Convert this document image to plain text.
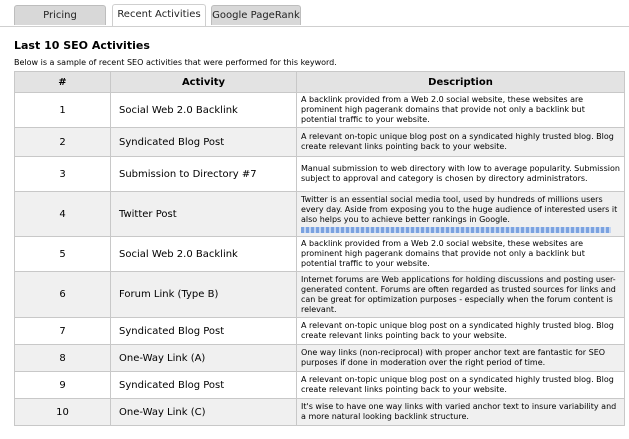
Pricing	Recent Activities	Google PageRank
Last 10 SEO Activities
Below is a sample of recent SEO activities that were performed for this keyword.
#	Activity	Description
1	Social Web 2.0 Backlink	A backlink provided from a Web 2.0 social website, these websites are prominent high pagerank domains that provide not only a backlink but potential traffic to your website.
2	Syndicated Blog Post	A relevant on-topic unique blog post on a syndicated highly trusted blog. Blog create relevant links pointing back to your website.
3	Submission to Directory #7	Manual submission to web directory with low to average popularity. Submission subject to approval and category is chosen by directory administrators.
4	Twitter Post	Twitter is an essential social media tool, used by hundreds of millions users every day. Aside from exposing you to the huge audience of interested users it also helps you to achieve better rankings in Google.

5	Social Web 2.0 Backlink	A backlink provided from a Web 2.0 social website, these websites are prominent high pagerank domains that provide not only a backlink but potential traffic to your website.
6	Forum Link (Type B)	Internet forums are Web applications for holding discussions and posting user-generated content. Forums are often regarded as trusted sources for links and can be great for optimization purposes - especially when the forum content is relevant.
7	Syndicated Blog Post	A relevant on-topic unique blog post on a syndicated highly trusted blog. Blog create relevant links pointing back to your website.
8	One-Way Link (A)	One way links (non-reciprocal) with proper anchor text are fantastic for SEO purposes if done in moderation over the right period of time.
9	Syndicated Blog Post	A relevant on-topic unique blog post on a syndicated highly trusted blog. Blog create relevant links pointing back to your website.
10	One-Way Link (C)	It's wise to have one way links with varied anchor text to insure variability and a more natural looking backlink structure.
